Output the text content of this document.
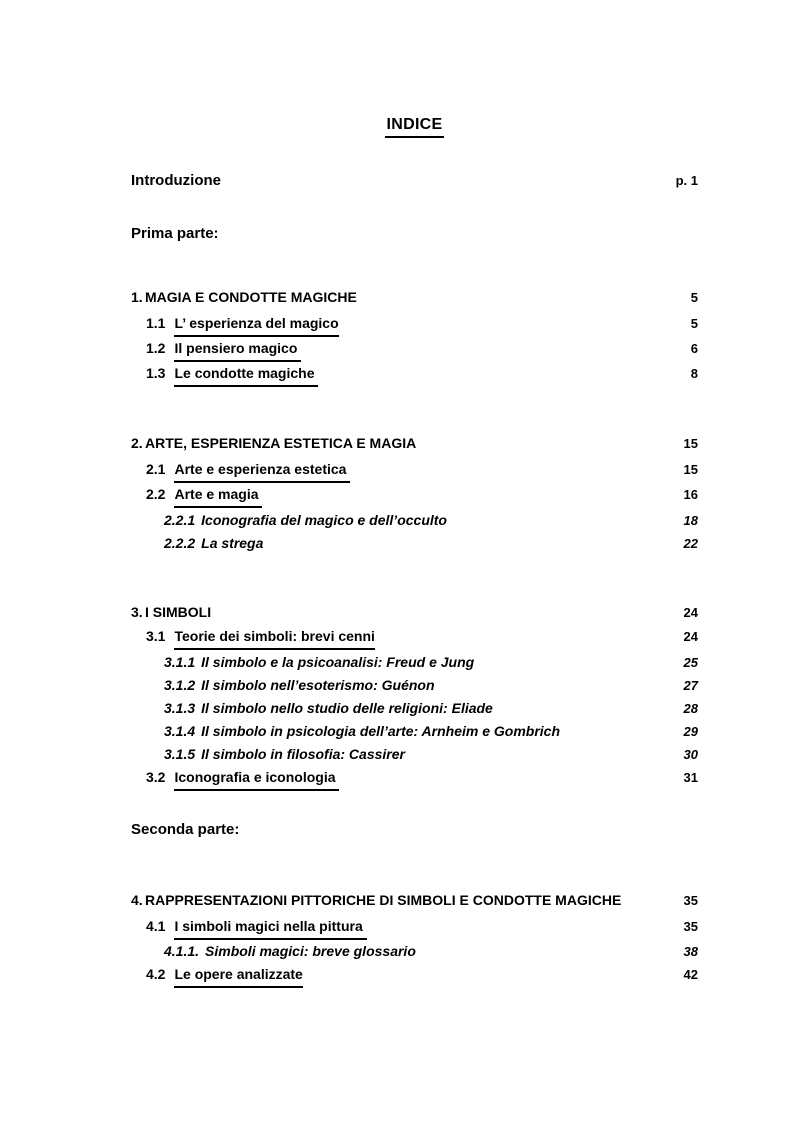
INDICE
Introduzione	p. 1
Prima parte:
1. MAGIA E CONDOTTE MAGICHE	5
1.1 L’ esperienza del magico	5
1.2 Il pensiero magico	6
1.3 Le condotte magiche	8
2. ARTE, ESPERIENZA ESTETICA E MAGIA	15
2.1 Arte e esperienza estetica	15
2.2 Arte e magia	16
2.2.1 Iconografia del magico e dell’occulto	18
2.2.2 La strega	22
3. I SIMBOLI	24
3.1 Teorie dei simboli: brevi cenni	24
3.1.1 Il simbolo e la psicoanalisi: Freud e Jung	25
3.1.2 Il simbolo nell’esoterismo: Guénon	27
3.1.3 Il simbolo nello studio delle religioni: Eliade	28
3.1.4 Il simbolo in psicologia dell’arte: Arnheim e Gombrich	29
3.1.5 Il simbolo in filosofia: Cassirer	30
3.2 Iconografia e iconologia	31
Seconda parte:
4. RAPPRESENTAZIONI PITTORICHE DI SIMBOLI E CONDOTTE MAGICHE	35
4.1 I simboli magici nella pittura	35
4.1.1. Simboli magici: breve glossario	38
4.2 Le opere analizzate	42
